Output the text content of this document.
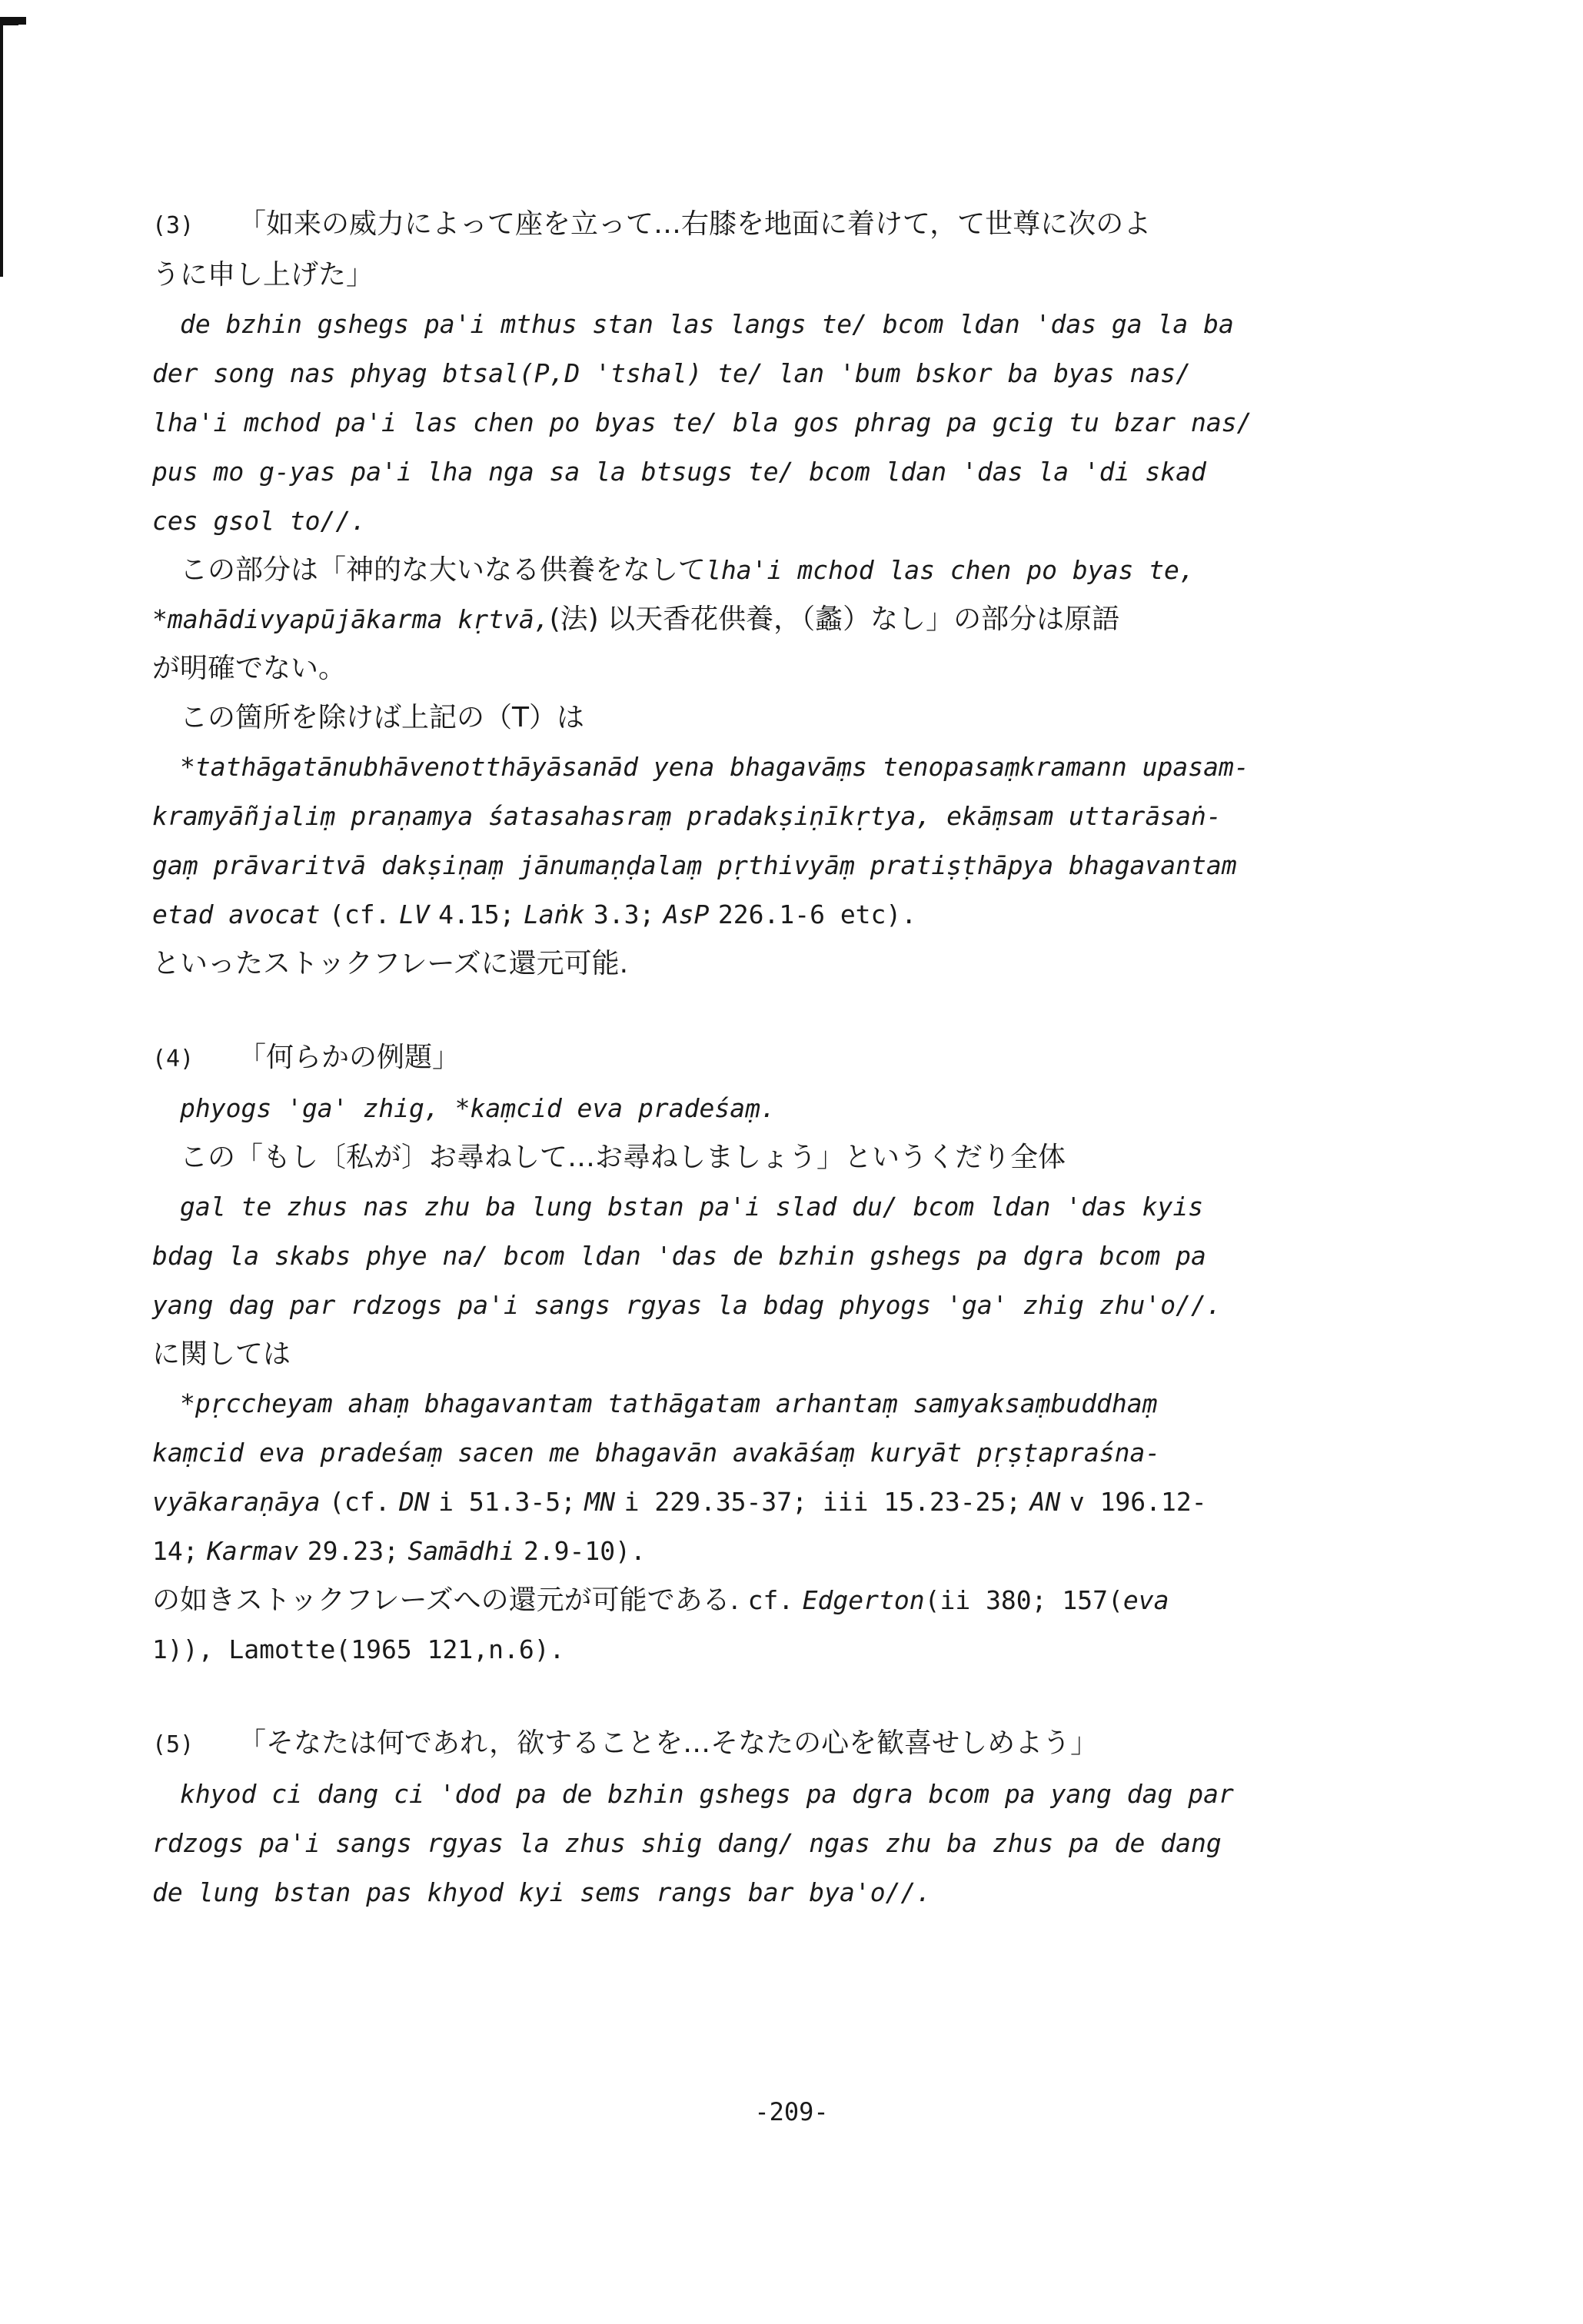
(3) 「如来の威力によって座を立って…右膝を地面に着けて，て世尊に次のよ
うに申し上げた」
de bzhin gshegs pa'i mthus stan las langs te/ bcom ldan 'das ga la ba
der song nas phyag btsal(P,D 'tshal) te/ lan 'bum bskor ba byas nas/
lha'i mchod pa'i las chen po byas te/ bla gos phrag pa gcig tu bzar nas/
pus mo g-yas pa'i lha nga sa la btsugs te/ bcom ldan 'das la 'di skad
ces gsol to//.
この部分は「神的な大いなる供養をなしてlha'i mchod las chen po byas te,
*mahādivyapūjākarma kṛtvā,(法) 以天香花供養，（蠡）なし」の部分は原語
が明確でない。
この箇所を除けば上記の（T）は
*tathāgatānubhāvenotthāyāsanād yena bhagavāṃs tenopasaṃkramann upasam-
kramyāñjaliṃ praṇamya śatasahasraṃ pradakṣiṇīkṛtya, ekāṃsam uttarāsaṅ-
gaṃ prāvaritvā dakṣiṇaṃ jānumaṇḍalaṃ pṛthivyāṃ pratiṣṭhāpya bhagavantam
etad avocat (cf. LV 4.15; Laṅk 3.3; AsP 226.1-6 etc).
といったストックフレーズに還元可能.
(4) 「何らかの例題」
phyogs 'ga' zhig, *kaṃcid eva pradeśaṃ.
この「もし〔私が〕お尋ねして…お尋ねしましょう」というくだり全体
gal te zhus nas zhu ba lung bstan pa'i slad du/ bcom ldan 'das kyis
bdag la skabs phye na/ bcom ldan 'das de bzhin gshegs pa dgra bcom pa
yang dag par rdzogs pa'i sangs rgyas la bdag phyogs 'ga' zhig zhu'o//.
に関しては
*pṛccheyam ahaṃ bhagavantam tathāgatam arhantaṃ samyaksaṃbuddhaṃ
kaṃcid eva pradeśaṃ sacen me bhagavān avakāśaṃ kuryāt pṛṣṭapraśna-
vyākaraṇāya (cf. DN i 51.3-5; MN i 229.35-37; iii 15.23-25; AN v 196.12-
14; Karmav 29.23; Samādhi 2.9-10).
の如きストックフレーズへの還元が可能である. cf. Edgerton(ii 380; 157(eva
1)), Lamotte(1965 121,n.6).
(5) 「そなたは何であれ，欲することを…そなたの心を歓喜せしめよう」
khyod ci dang ci 'dod pa de bzhin gshegs pa dgra bcom pa yang dag par
rdzogs pa'i sangs rgyas la zhus shig dang/ ngas zhu ba zhus pa de dang
de lung bstan pas khyod kyi sems rangs bar bya'o//.
-209-
